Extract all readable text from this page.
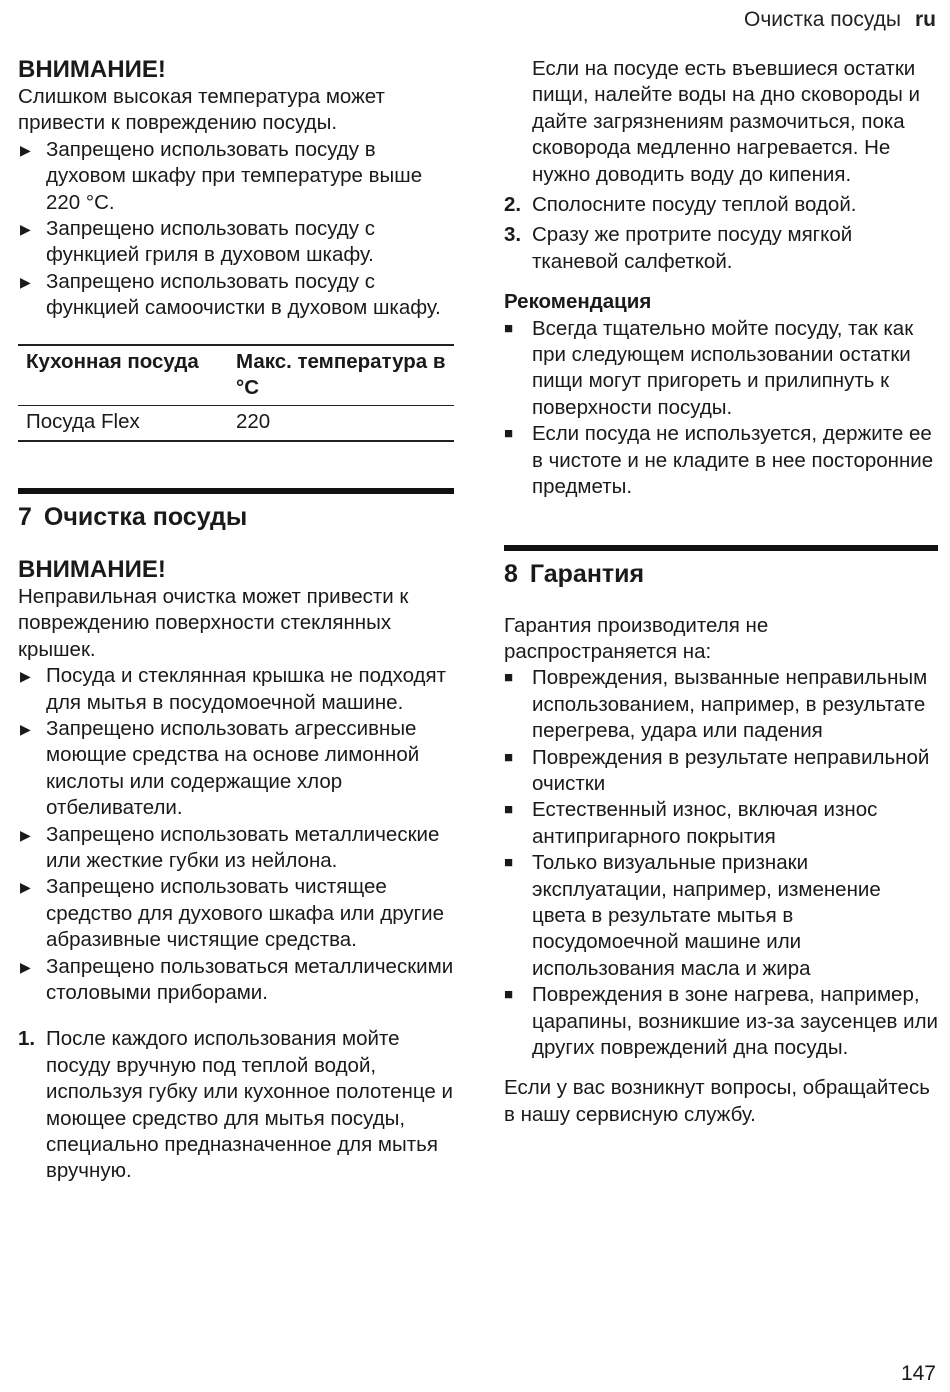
Очистка посуды ru

ВНИМАНИЕ!

Слишком высокая температура может привести к повреждению посуды.

▶ Запрещено использовать посуду в духовом шкафу при температуре выше 220 °C.
▶ Запрещено использовать посуду с функцией гриля в духовом шкафу.
▶ Запрещено использовать посуду с функцией самоочистки в духовом шкафу.
Кухонная посуда	Макс. температура в °C
Посуда Flex	220

7 Очистка посуды

ВНИМАНИЕ!

Неправильная очистка может привести к повреждению поверхности стеклянных крышек.

▶ Посуда и стеклянная крышка не подходят для мытья в посудомоечной машине.
▶ Запрещено использовать агрессивные моющие средства на основе лимонной кислоты или содержащие хлор отбеливатели.
▶ Запрещено использовать металлические или жесткие губки из нейлона.
▶ Запрещено использовать чистящее средство для духового шкафа или другие абразивные чистящие средства.
▶ Запрещено пользоваться металлическими столовыми приборами.
1. После каждого использования мойте посуду вручную под теплой водой, используя губку или кухонное полотенце и моющее средство для мытья посуды, специально предназначенное для мытья вручную.

Если на посуде есть въевшиеся остатки пищи, налейте воды на дно сковороды и дайте загрязнениям размочиться, пока сковорода медленно нагревается. Не нужно доводить воду до кипения.

2. Сполосните посуду теплой водой.
3. Сразу же протрите посуду мягкой тканевой салфеткой.

Рекомендация

■ Всегда тщательно мойте посуду, так как при следующем использовании остатки пищи могут пригореть и прилипнуть к поверхности посуды.
■ Если посуда не используется, держите ее в чистоте и не кладите в нее посторонние предметы.

8 Гарантия

Гарантия производителя не распространяется на:

■ Повреждения, вызванные неправильным использованием, например, в результате перегрева, удара или падения
■ Повреждения в результате неправильной очистки
■ Естественный износ, включая износ антипригарного покрытия
■ Только визуальные признаки эксплуатации, например, изменение цвета в результате мытья в посудомоечной машине или использования масла и жира
■ Повреждения в зоне нагрева, например, царапины, возникшие из-за заусенцев или других повреждений дна посуды.

Если у вас возникнут вопросы, обращайтесь в нашу сервисную службу.

147
